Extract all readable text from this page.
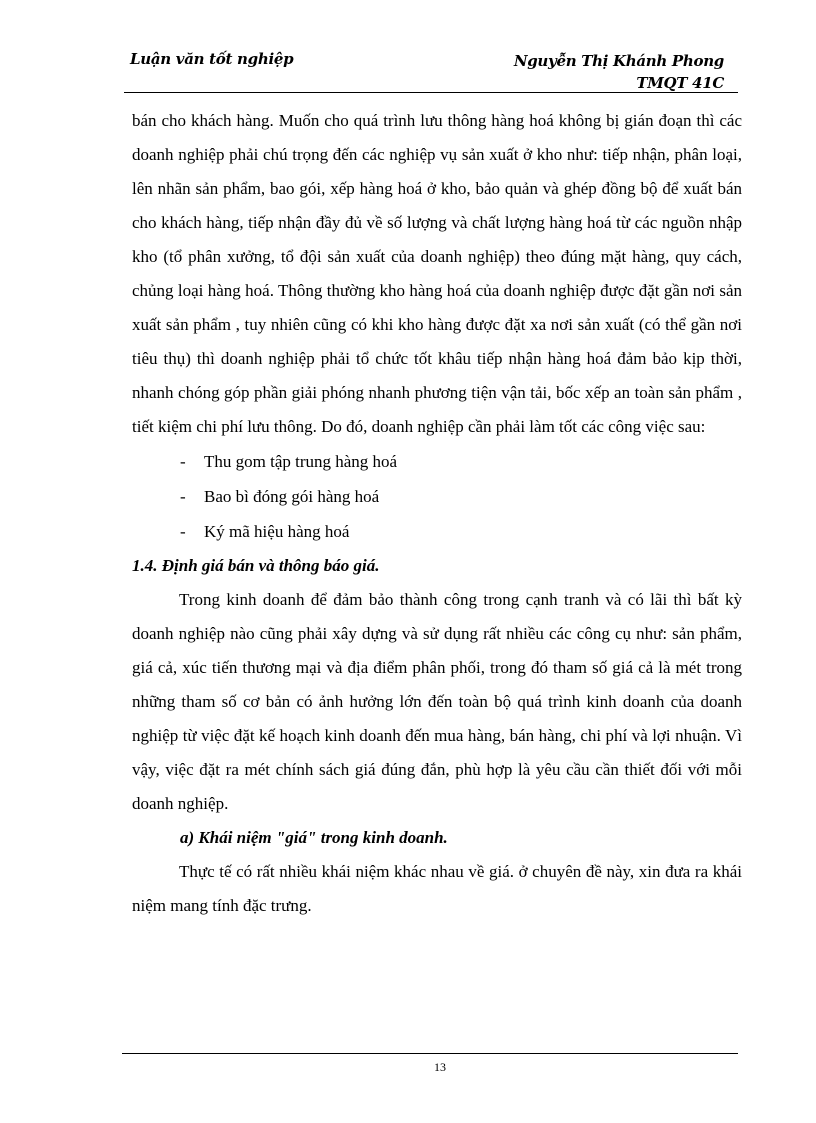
Luận văn tốt nghiệp	Nguyễn Thị Khánh Phong
TMQT 41C

bán cho khách hàng. Muốn cho quá trình lưu thông hàng hoá không bị gián đoạn thì các doanh nghiệp phải chú trọng đến các nghiệp vụ sản xuất ở kho như: tiếp nhận, phân loại, lên nhãn sản phẩm, bao gói, xếp hàng hoá ở kho, bảo quản và ghép đồng bộ để xuất bán cho khách hàng, tiếp nhận đầy đủ về số lượng và chất lượng hàng hoá từ các nguồn nhập kho (tổ phân xưởng, tổ đội sản xuất của doanh nghiệp) theo đúng mặt hàng, quy cách, chủng loại hàng hoá. Thông thường kho hàng hoá của doanh nghiệp được đặt gần nơi sản xuất sản phẩm , tuy nhiên cũng có khi kho hàng được đặt xa nơi sản xuất (có thể gần nơi tiêu thụ) thì doanh nghiệp phải tổ chức tốt khâu tiếp nhận hàng hoá đảm bảo kịp thời, nhanh chóng góp phần giải phóng nhanh phương tiện vận tải, bốc xếp an toàn sản phẩm , tiết kiệm chi phí lưu thông. Do đó, doanh nghiệp cần phải làm tốt các công việc sau:

- Thu gom tập trung hàng hoá

- Bao bì đóng gói hàng hoá

- Ký mã hiệu hàng hoá

1.4. Định giá bán và thông báo giá.

Trong kinh doanh để đảm bảo thành công trong cạnh tranh và có lãi thì bất kỳ doanh nghiệp nào cũng phải xây dựng và sử dụng rất nhiều các công cụ như: sản phẩm, giá cả, xúc tiến thương mại và địa điểm phân phối, trong đó tham số giá cả là mét trong những tham số cơ bản có ảnh hưởng lớn đến toàn bộ quá trình kinh doanh của doanh nghiệp từ việc đặt kế hoạch kinh doanh đến mua hàng, bán hàng, chi phí và lợi nhuận. Vì vậy, việc đặt ra mét chính sách giá đúng đắn, phù hợp là yêu cầu cần thiết đối với mỗi doanh nghiệp.

a) Khái niệm "giá" trong kinh doanh.

Thực tế có rất nhiều khái niệm khác nhau về giá. ở chuyên đề này, xin đưa ra khái niệm mang tính đặc trưng.

13
